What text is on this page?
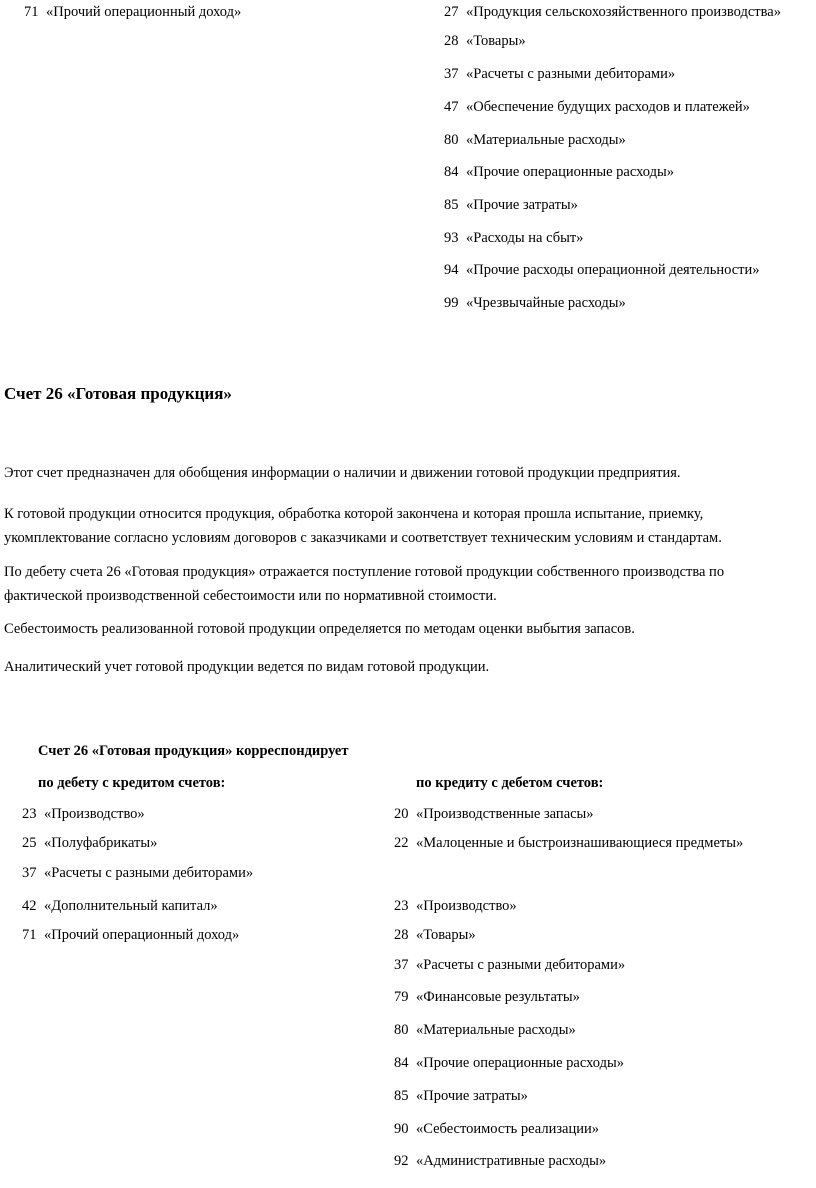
71 «Прочий операционный доход»	27 «Продукция сельскохозяйственного производства»
28 «Товары»
37 «Расчеты с разными дебиторами»
47 «Обеспечение будущих расходов и платежей»
80 «Материальные расходы»
84 «Прочие операционные расходы»
85 «Прочие затраты»
93 «Расходы на сбыт»
94 «Прочие расходы операционной деятельности»
99 «Чрезвычайные расходы»
Счет 26 «Готовая продукция»
Этот счет предназначен для обобщения информации о наличии и движении готовой продукции предприятия.
К готовой продукции относится продукция, обработка которой закончена и которая прошла испытание, приемку, укомплектование согласно условиям договоров с заказчиками и соответствует техническим условиям и стандартам.
По дебету счета 26 «Готовая продукция» отражается поступление готовой продукции собственного производства по фактической производственной себестоимости или по нормативной стоимости.
Себестоимость реализованной готовой продукции определяется по методам оценки выбытия запасов.
Аналитический учет готовой продукции ведется по видам готовой продукции.
Счет 26 «Готовая продукция» корреспондирует
по дебету с кредитом счетов:	по кредиту с дебетом счетов:
23 «Производство»
25 «Полуфабрикаты»
37 «Расчеты с разными дебиторами»
42 «Дополнительный капитал»
71 «Прочий операционный доход»
20 «Производственные запасы»
22 «Малоценные и быстроизнашивающиеся предметы»
23 «Производство»
28 «Товары»
37 «Расчеты с разными дебиторами»
79 «Финансовые результаты»
80 «Материальные расходы»
84 «Прочие операционные расходы»
85 «Прочие затраты»
90 «Себестоимость реализации»
92 «Административные расходы»
